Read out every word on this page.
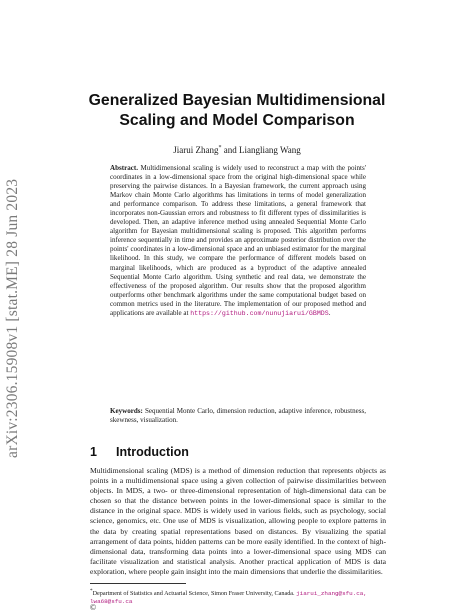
arXiv:2306.15908v1 [stat.ME] 28 Jun 2023
Generalized Bayesian Multidimensional Scaling and Model Comparison
Jiarui Zhang* and Liangliang Wang
Abstract. Multidimensional scaling is widely used to reconstruct a map with the points' coordinates in a low-dimensional space from the original high-dimensional space while preserving the pairwise distances. In a Bayesian framework, the current approach using Markov chain Monte Carlo algorithms has limitations in terms of model generalization and performance comparison. To address these limitations, a general framework that incorporates non-Gaussian errors and robustness to fit different types of dissimilarities is developed. Then, an adaptive inference method using annealed Sequential Monte Carlo algorithm for Bayesian multidimensional scaling is proposed. This algorithm performs inference sequentially in time and provides an approximate posterior distribution over the points' coordinates in a low-dimensional space and an unbiased estimator for the marginal likelihood. In this study, we compare the performance of different models based on marginal likelihoods, which are produced as a byproduct of the adaptive annealed Sequential Monte Carlo algorithm. Using synthetic and real data, we demonstrate the effectiveness of the proposed algorithm. Our results show that the proposed algorithm outperforms other benchmark algorithms under the same computational budget based on common metrics used in the literature. The implementation of our proposed method and applications are available at https://github.com/nunujiarui/GBMDS.
Keywords: Sequential Monte Carlo, dimension reduction, adaptive inference, robustness, skewness, visualization.
1 Introduction
Multidimensional scaling (MDS) is a method of dimension reduction that represents objects as points in a multidimensional space using a given collection of pairwise dissimilarities between objects. In MDS, a two- or three-dimensional representation of high-dimensional data can be chosen so that the distance between points in the lower-dimensional space is similar to the distance in the original space. MDS is widely used in various fields, such as psychology, social science, genomics, etc. One use of MDS is visualization, allowing people to explore patterns in the data by creating spatial representations based on distances. By visualizing the spatial arrangement of data points, hidden patterns can be more easily identified. In the context of high-dimensional data, transforming data points into a lower-dimensional space using MDS can facilitate visualization and statistical analysis. Another practical application of MDS is data exploration, where people gain insight into the main dimensions that underlie the dissimilarities.
*Department of Statistics and Actuarial Science, Simon Fraser University, Canada. jiarui_zhang@sfu.ca, lwa68@sfu.ca
©
